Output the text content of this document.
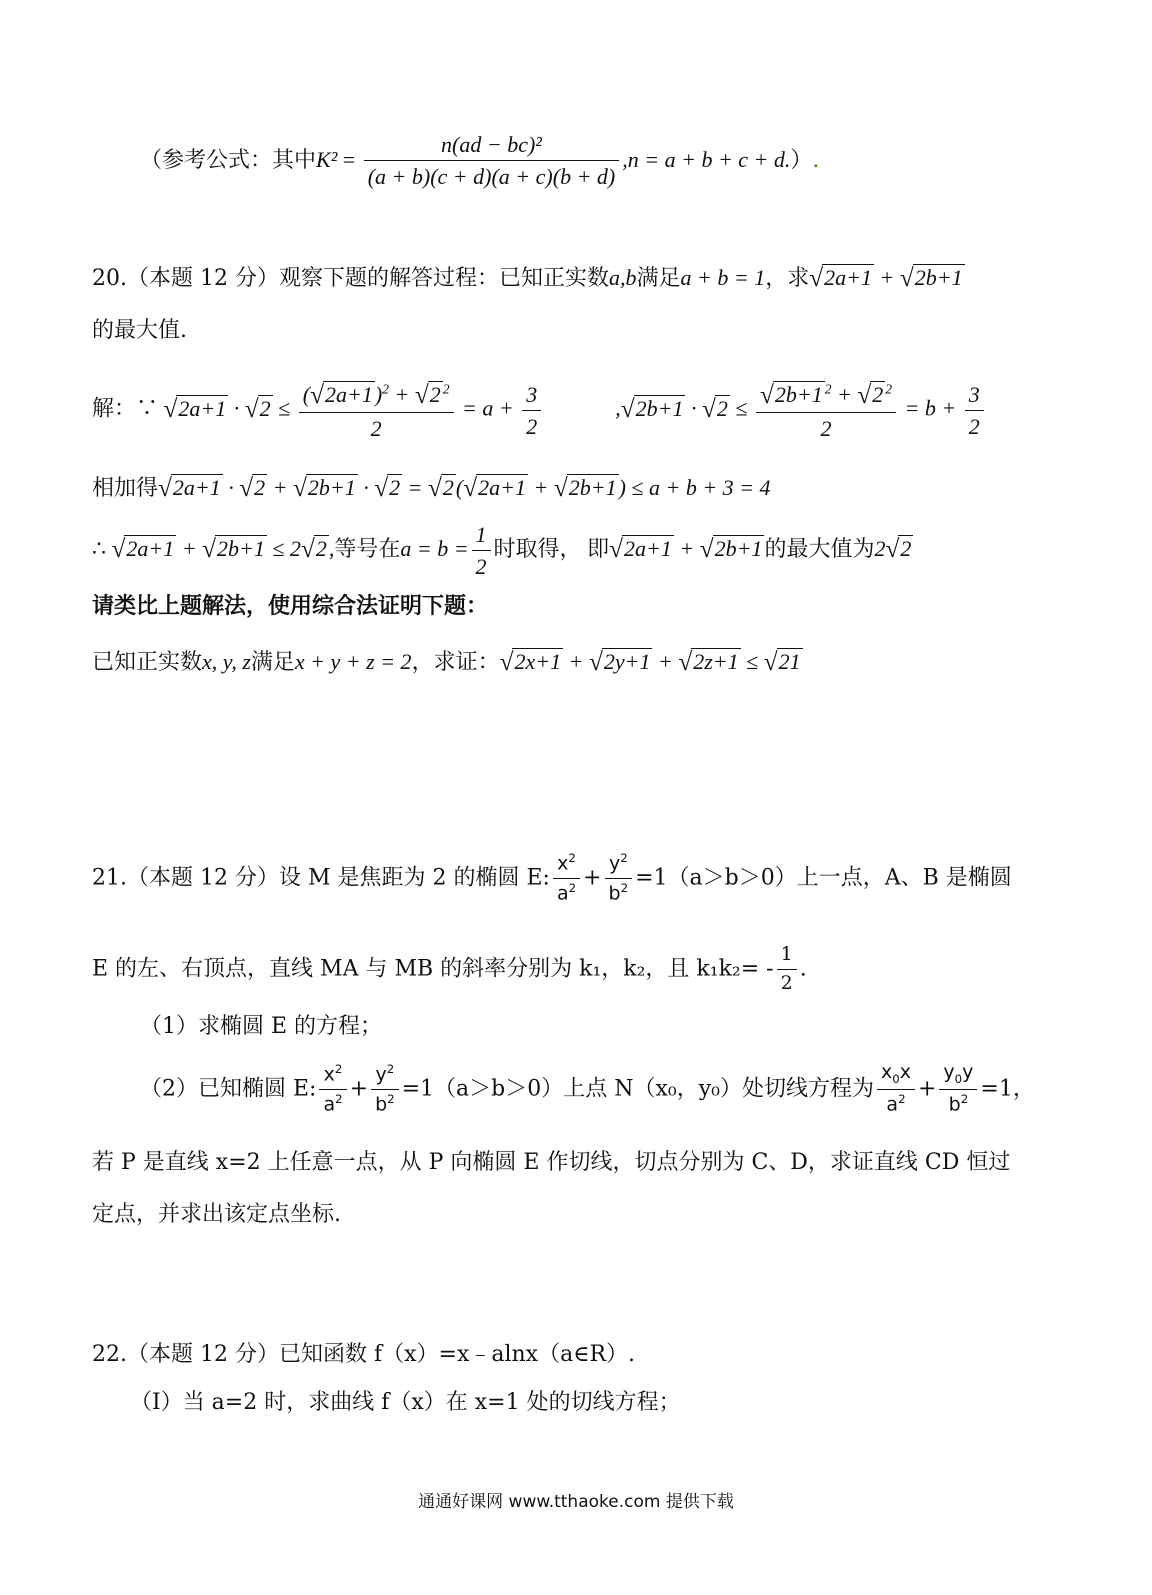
（参考公式：其中$K^2 = \frac{\text{n(ad − bc)²}}{(a + b)(c + d)(a + c)(b + d)} ,n = a + b + c + d$.）.
20.（本题 12 分）观察下题的解答过程：已知正实数a,b满足a + b = 1，求√2a+1 + √2b+1
的最大值.
解：∵ $√2a+1 \cdot √2 \le \frac{(√2a+1)^2 + √2 ^2}{2} = a + \frac{3}{2}$	$,√2b+1 \cdot √2 \le \frac{√2b+1 ^2 + √2 ^2}{2} = b + \frac{3}{2}$
相加得√2a+1 · √2 + √2b+1 · √2 = √2(√2a+1 + √2b+1) ≤ a + b + 3 = 4
∴ √2a+1 + √2b+1 ≤ 2√2,等号在$a = b = \frac{1}{2}$ 时取得， 即√2a+1 + √2b+1的最大值为2√2
请类比上题解法，使用综合法证明下题：
已知正实数x, y, z满足x + y + z = 2，求证：√2x+1 + √2y+1 + √2z+1 ≤ √21
21.（本题 12 分）设 M 是焦距为 2 的椭圆 E: $\frac{x^2}{a^2} + \frac{y^2}{b^2} =1(a>b>0)$上一点，A、B 是椭圆
E 的左、右顶点，直线 MA 与 MB 的斜率分别为 k₁，k₂，且 $k_1k_2= - \frac{1}{2}$ .
（1）求椭圆 E 的方程；
（2）已知椭圆 E: $\frac{x^2}{a^2} + \frac{y^2}{b^2} =1(a>b>0)$上点 N（x₀，y₀）处切线方程为 $\frac{x_0x}{a^2} + \frac{y_0y}{b^2} =1$，
若 P 是直线 x=2 上任意一点，从 P 向椭圆 E 作切线，切点分别为 C、D，求证直线 CD 恒过
定点，并求出该定点坐标.
22.（本题 12 分）已知函数 f（x）=x﹣alnx（a∈R）.
（Ⅰ）当 a=2 时，求曲线 f（x）在 x=1 处的切线方程；
通通好课网 www.tthaoke.com 提供下载
